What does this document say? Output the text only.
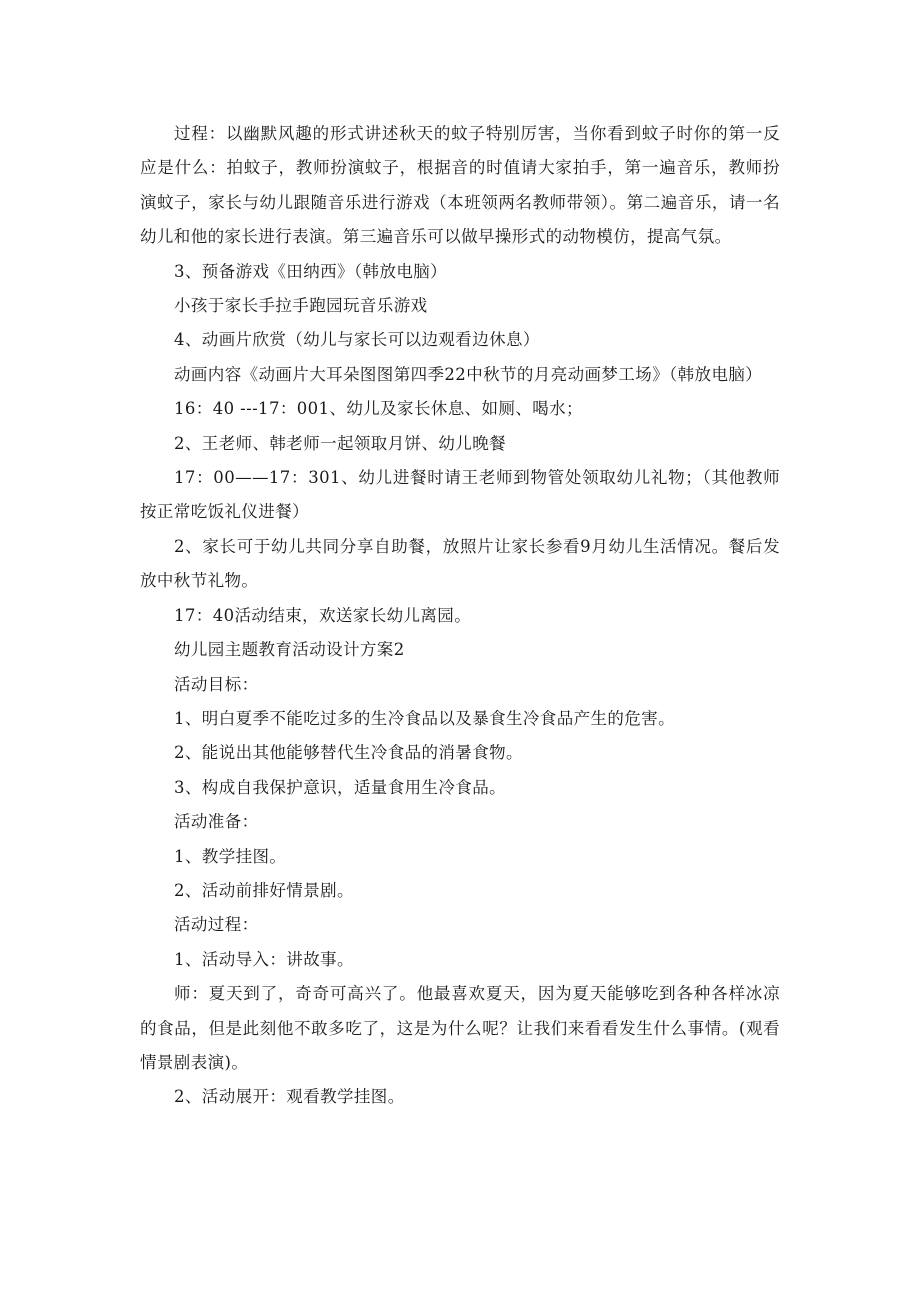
过程：以幽默风趣的形式讲述秋天的蚊子特别厉害，当你看到蚊子时你的第一反应是什么：拍蚊子，教师扮演蚊子，根据音的时值请大家拍手，第一遍音乐，教师扮演蚊子，家长与幼儿跟随音乐进行游戏（本班领两名教师带领）。第二遍音乐，请一名幼儿和他的家长进行表演。第三遍音乐可以做早操形式的动物模仿，提高气氛。

3、预备游戏《田纳西》（韩放电脑）

小孩于家长手拉手跑园玩音乐游戏

4、动画片欣赏（幼儿与家长可以边观看边休息）

动画内容《动画片大耳朵图图第四季22中秋节的月亮动画梦工场》（韩放电脑）

16：40 ---17：001、幼儿及家长休息、如厕、喝水；

2、王老师、韩老师一起领取月饼、幼儿晚餐

17：00——17：301、幼儿进餐时请王老师到物管处领取幼儿礼物；（其他教师按正常吃饭礼仪进餐）

2、家长可于幼儿共同分享自助餐，放照片让家长参看9月幼儿生活情况。餐后发放中秋节礼物。

17：40活动结束，欢送家长幼儿离园。

幼儿园主题教育活动设计方案2

活动目标：

1、明白夏季不能吃过多的生冷食品以及暴食生冷食品产生的危害。

2、能说出其他能够替代生冷食品的消暑食物。

3、构成自我保护意识，适量食用生冷食品。

活动准备：

1、教学挂图。

2、活动前排好情景剧。

活动过程：

1、活动导入：讲故事。

师：夏天到了，奇奇可高兴了。他最喜欢夏天，因为夏天能够吃到各种各样冰凉的食品，但是此刻他不敢多吃了，这是为什么呢？让我们来看看发生什么事情。(观看情景剧表演)。

2、活动展开：观看教学挂图。
